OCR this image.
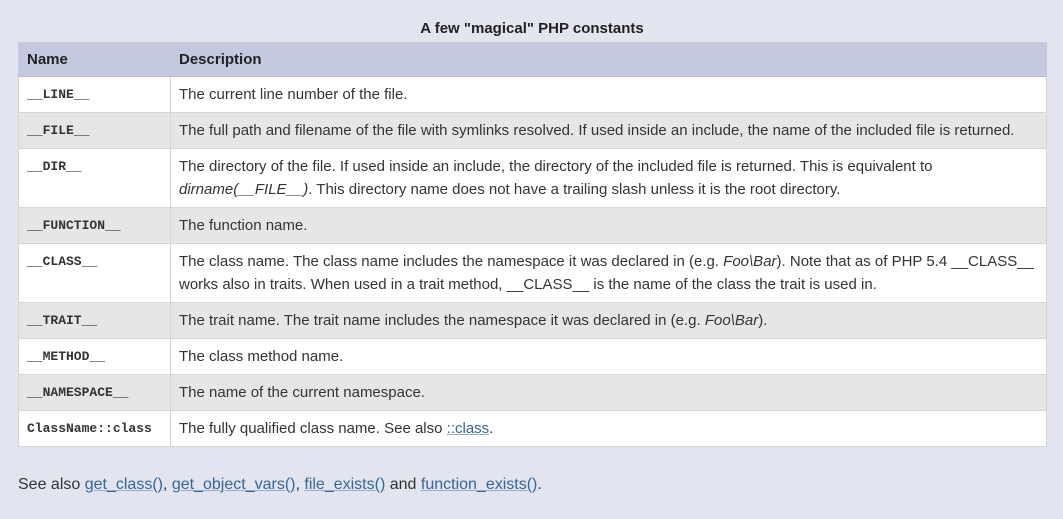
A few "magical" PHP constants
Name	Description
__LINE__	The current line number of the file.
__FILE__	The full path and filename of the file with symlinks resolved. If used inside an include, the name of the included file is returned.
__DIR__	The directory of the file. If used inside an include, the directory of the included file is returned. This is equivalent to dirname(__FILE__). This directory name does not have a trailing slash unless it is the root directory.
__FUNCTION__	The function name.
__CLASS__	The class name. The class name includes the namespace it was declared in (e.g. Foo\Bar). Note that as of PHP 5.4 __CLASS__ works also in traits. When used in a trait method, __CLASS__ is the name of the class the trait is used in.
__TRAIT__	The trait name. The trait name includes the namespace it was declared in (e.g. Foo\Bar).
__METHOD__	The class method name.
__NAMESPACE__	The name of the current namespace.
ClassName::class	The fully qualified class name. See also ::class.
See also get_class(), get_object_vars(), file_exists() and function_exists().
